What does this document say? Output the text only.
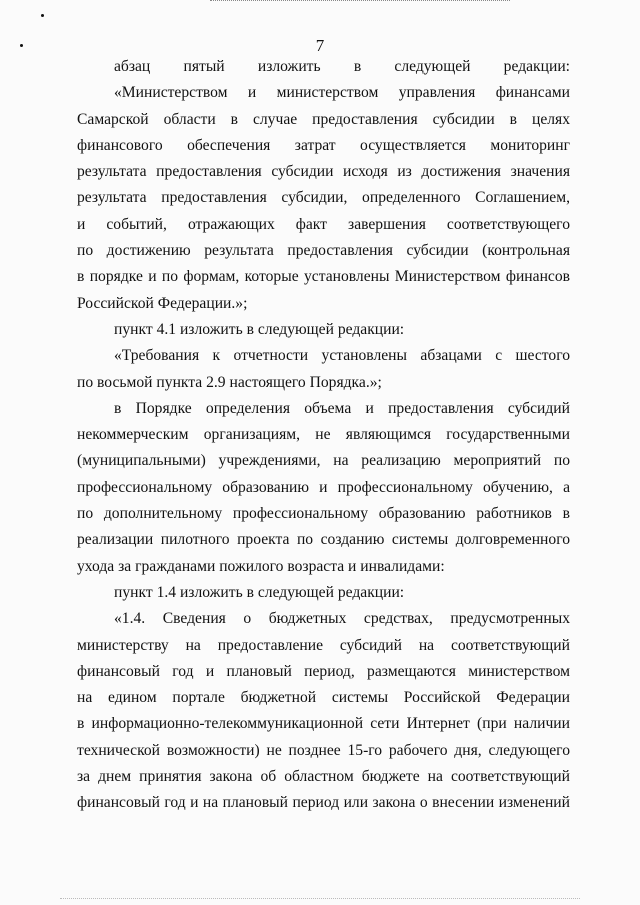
7
абзац пятый изложить в следующей редакции:
«Министерством и министерством управления финансами
Самарской области в случае предоставления субсидии в целях
финансового обеспечения затрат осуществляется мониторинг
результата предоставления субсидии исходя из достижения значения
результата предоставления субсидии, определенного Соглашением,
и событий, отражающих факт завершения соответствующего
по достижению результата предоставления субсидии (контрольная
в порядке и по формам, которые установлены Министерством финансов
Российской Федерации.»;
пункт 4.1 изложить в следующей редакции:
«Требования к отчетности установлены абзацами с шестого
по восьмой пункта 2.9 настоящего Порядка.»;
в Порядке определения объема и предоставления субсидий
некоммерческим организациям, не являющимся государственными
(муниципальными) учреждениями, на реализацию мероприятий по
профессиональному образованию и профессиональному обучению, а
по дополнительному профессиональному образованию работников в
реализации пилотного проекта по созданию системы долговременного
ухода за гражданами пожилого возраста и инвалидами:
пункт 1.4 изложить в следующей редакции:
«1.4. Сведения о бюджетных средствах, предусмотренных
министерству на предоставление субсидий на соответствующий
финансовый год и плановый период, размещаются министерством
на едином портале бюджетной системы Российской Федерации
в информационно-телекоммуникационной сети Интернет (при наличии
технической возможности) не позднее 15-го рабочего дня, следующего
за днем принятия закона об областном бюджете на соответствующий
финансовый год и на плановый период или закона о внесении изменений
